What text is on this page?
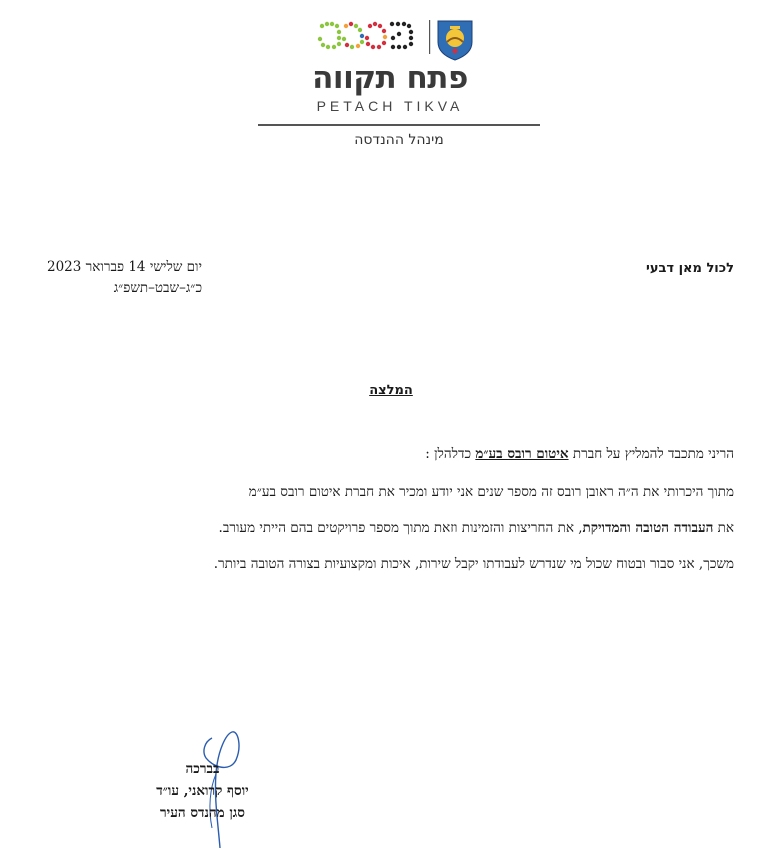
פתח תקווה
PETACH TIKVA
מינהל ההנדסה
לכול מאן דבעי
יום שלישי 14 פברואר 2023
כ״ג–שבט–תשפ״ג
המלצה
הריני מתכבד להמליץ על חברת איטום רובס בע״מ כדלהלן :
מתוך היכרותי את ה״ה ראובן רובס זה מספר שנים אני יודע ומכיר את חברת איטום רובס בע״מ
את העבודה הטובה והמדויקת, את החריצות והזמינות וזאת מתוך מספר פרויקטים בהם הייתי מעורב.
משכך, אני סבור ובטוח שכול מי שנדרש לעבודתו יקבל שירות, איכות ומקצועיות בצורה הטובה ביותר.
בברכה
יוסף קרואני, עו״ד
סגן מהנדס העיר
